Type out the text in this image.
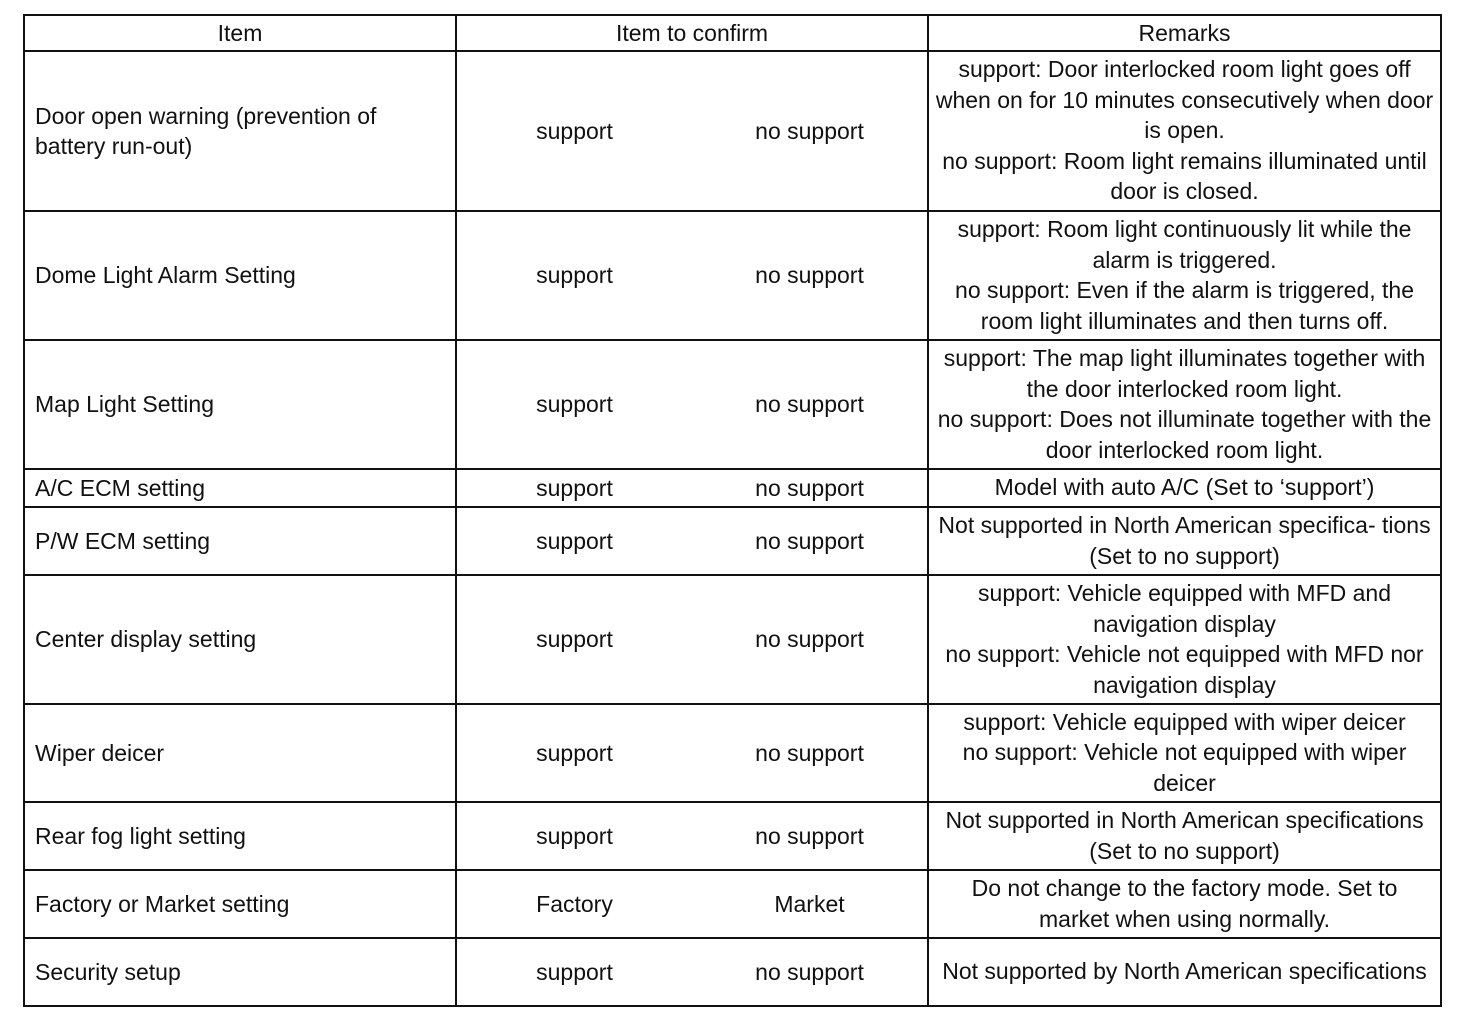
Item	Item to confirm		Remarks
Door open warning (prevention of battery run-out)	support	no support	support: Door interlocked room light goes off when on for 10 minutes consecutively when door is open.
no support: Room light remains illuminated until door is closed.

Dome Light Alarm Setting	support	no support	support: Room light continuously lit while the alarm is triggered.
no support: Even if the alarm is triggered, the room light illuminates and then turns off.

Map Light Setting	support	no support	support: The map light illuminates together with the door interlocked room light.
no support: Does not illuminate together with the door interlocked room light.

A/C ECM setting	support	no support	Model with auto A/C (Set to ‘support’)

P/W ECM setting	support	no support	Not supported in North American specifica- tions (Set to no support)

Center display setting	support	no support	support: Vehicle equipped with MFD and navigation display
no support: Vehicle not equipped with MFD nor navigation display

Wiper deicer	support	no support	support: Vehicle equipped with wiper deicer
no support: Vehicle not equipped with wiper deicer

Rear fog light setting	support	no support	Not supported in North American specifications (Set to no support)

Factory or Market setting	Factory	Market	Do not change to the factory mode. Set to market when using normally.

Security setup	support	no support	Not supported by North American specifications
